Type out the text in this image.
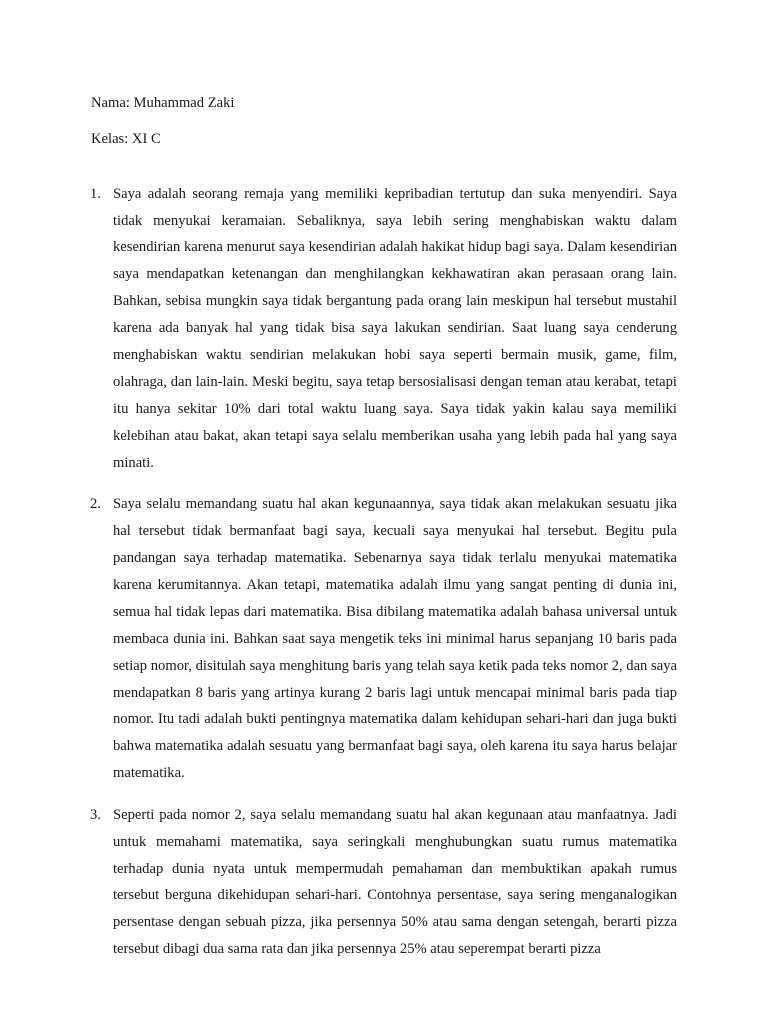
Nama: Muhammad Zaki
Kelas: XI C
1. Saya adalah seorang remaja yang memiliki kepribadian tertutup dan suka menyendiri. Saya tidak menyukai keramaian. Sebaliknya, saya lebih sering menghabiskan waktu dalam kesendirian karena menurut saya kesendirian adalah hakikat hidup bagi saya. Dalam kesendirian saya mendapatkan ketenangan dan menghilangkan kekhawatiran akan perasaan orang lain. Bahkan, sebisa mungkin saya tidak bergantung pada orang lain meskipun hal tersebut mustahil karena ada banyak hal yang tidak bisa saya lakukan sendirian. Saat luang saya cenderung menghabiskan waktu sendirian melakukan hobi saya seperti bermain musik, game, film, olahraga, dan lain-lain. Meski begitu, saya tetap bersosialisasi dengan teman atau kerabat, tetapi itu hanya sekitar 10% dari total waktu luang saya. Saya tidak yakin kalau saya memiliki kelebihan atau bakat, akan tetapi saya selalu memberikan usaha yang lebih pada hal yang saya minati.

2. Saya selalu memandang suatu hal akan kegunaannya, saya tidak akan melakukan sesuatu jika hal tersebut tidak bermanfaat bagi saya, kecuali saya menyukai hal tersebut. Begitu pula pandangan saya terhadap matematika. Sebenarnya saya tidak terlalu menyukai matematika karena kerumitannya. Akan tetapi, matematika adalah ilmu yang sangat penting di dunia ini, semua hal tidak lepas dari matematika. Bisa dibilang matematika adalah bahasa universal untuk membaca dunia ini. Bahkan saat saya mengetik teks ini minimal harus sepanjang 10 baris pada setiap nomor, disitulah saya menghitung baris yang telah saya ketik pada teks nomor 2, dan saya mendapatkan 8 baris yang artinya kurang 2 baris lagi untuk mencapai minimal baris pada tiap nomor. Itu tadi adalah bukti pentingnya matematika dalam kehidupan sehari-hari dan juga bukti bahwa matematika adalah sesuatu yang bermanfaat bagi saya, oleh karena itu saya harus belajar matematika.

3. Seperti pada nomor 2, saya selalu memandang suatu hal akan kegunaan atau manfaatnya. Jadi untuk memahami matematika, saya seringkali menghubungkan suatu rumus matematika terhadap dunia nyata untuk mempermudah pemahaman dan membuktikan apakah rumus tersebut berguna dikehidupan sehari-hari. Contohnya persentase, saya sering menganalogikan persentase dengan sebuah pizza, jika persennya 50% atau sama dengan setengah, berarti pizza tersebut dibagi dua sama rata dan jika persennya 25% atau seperempat berarti pizza
